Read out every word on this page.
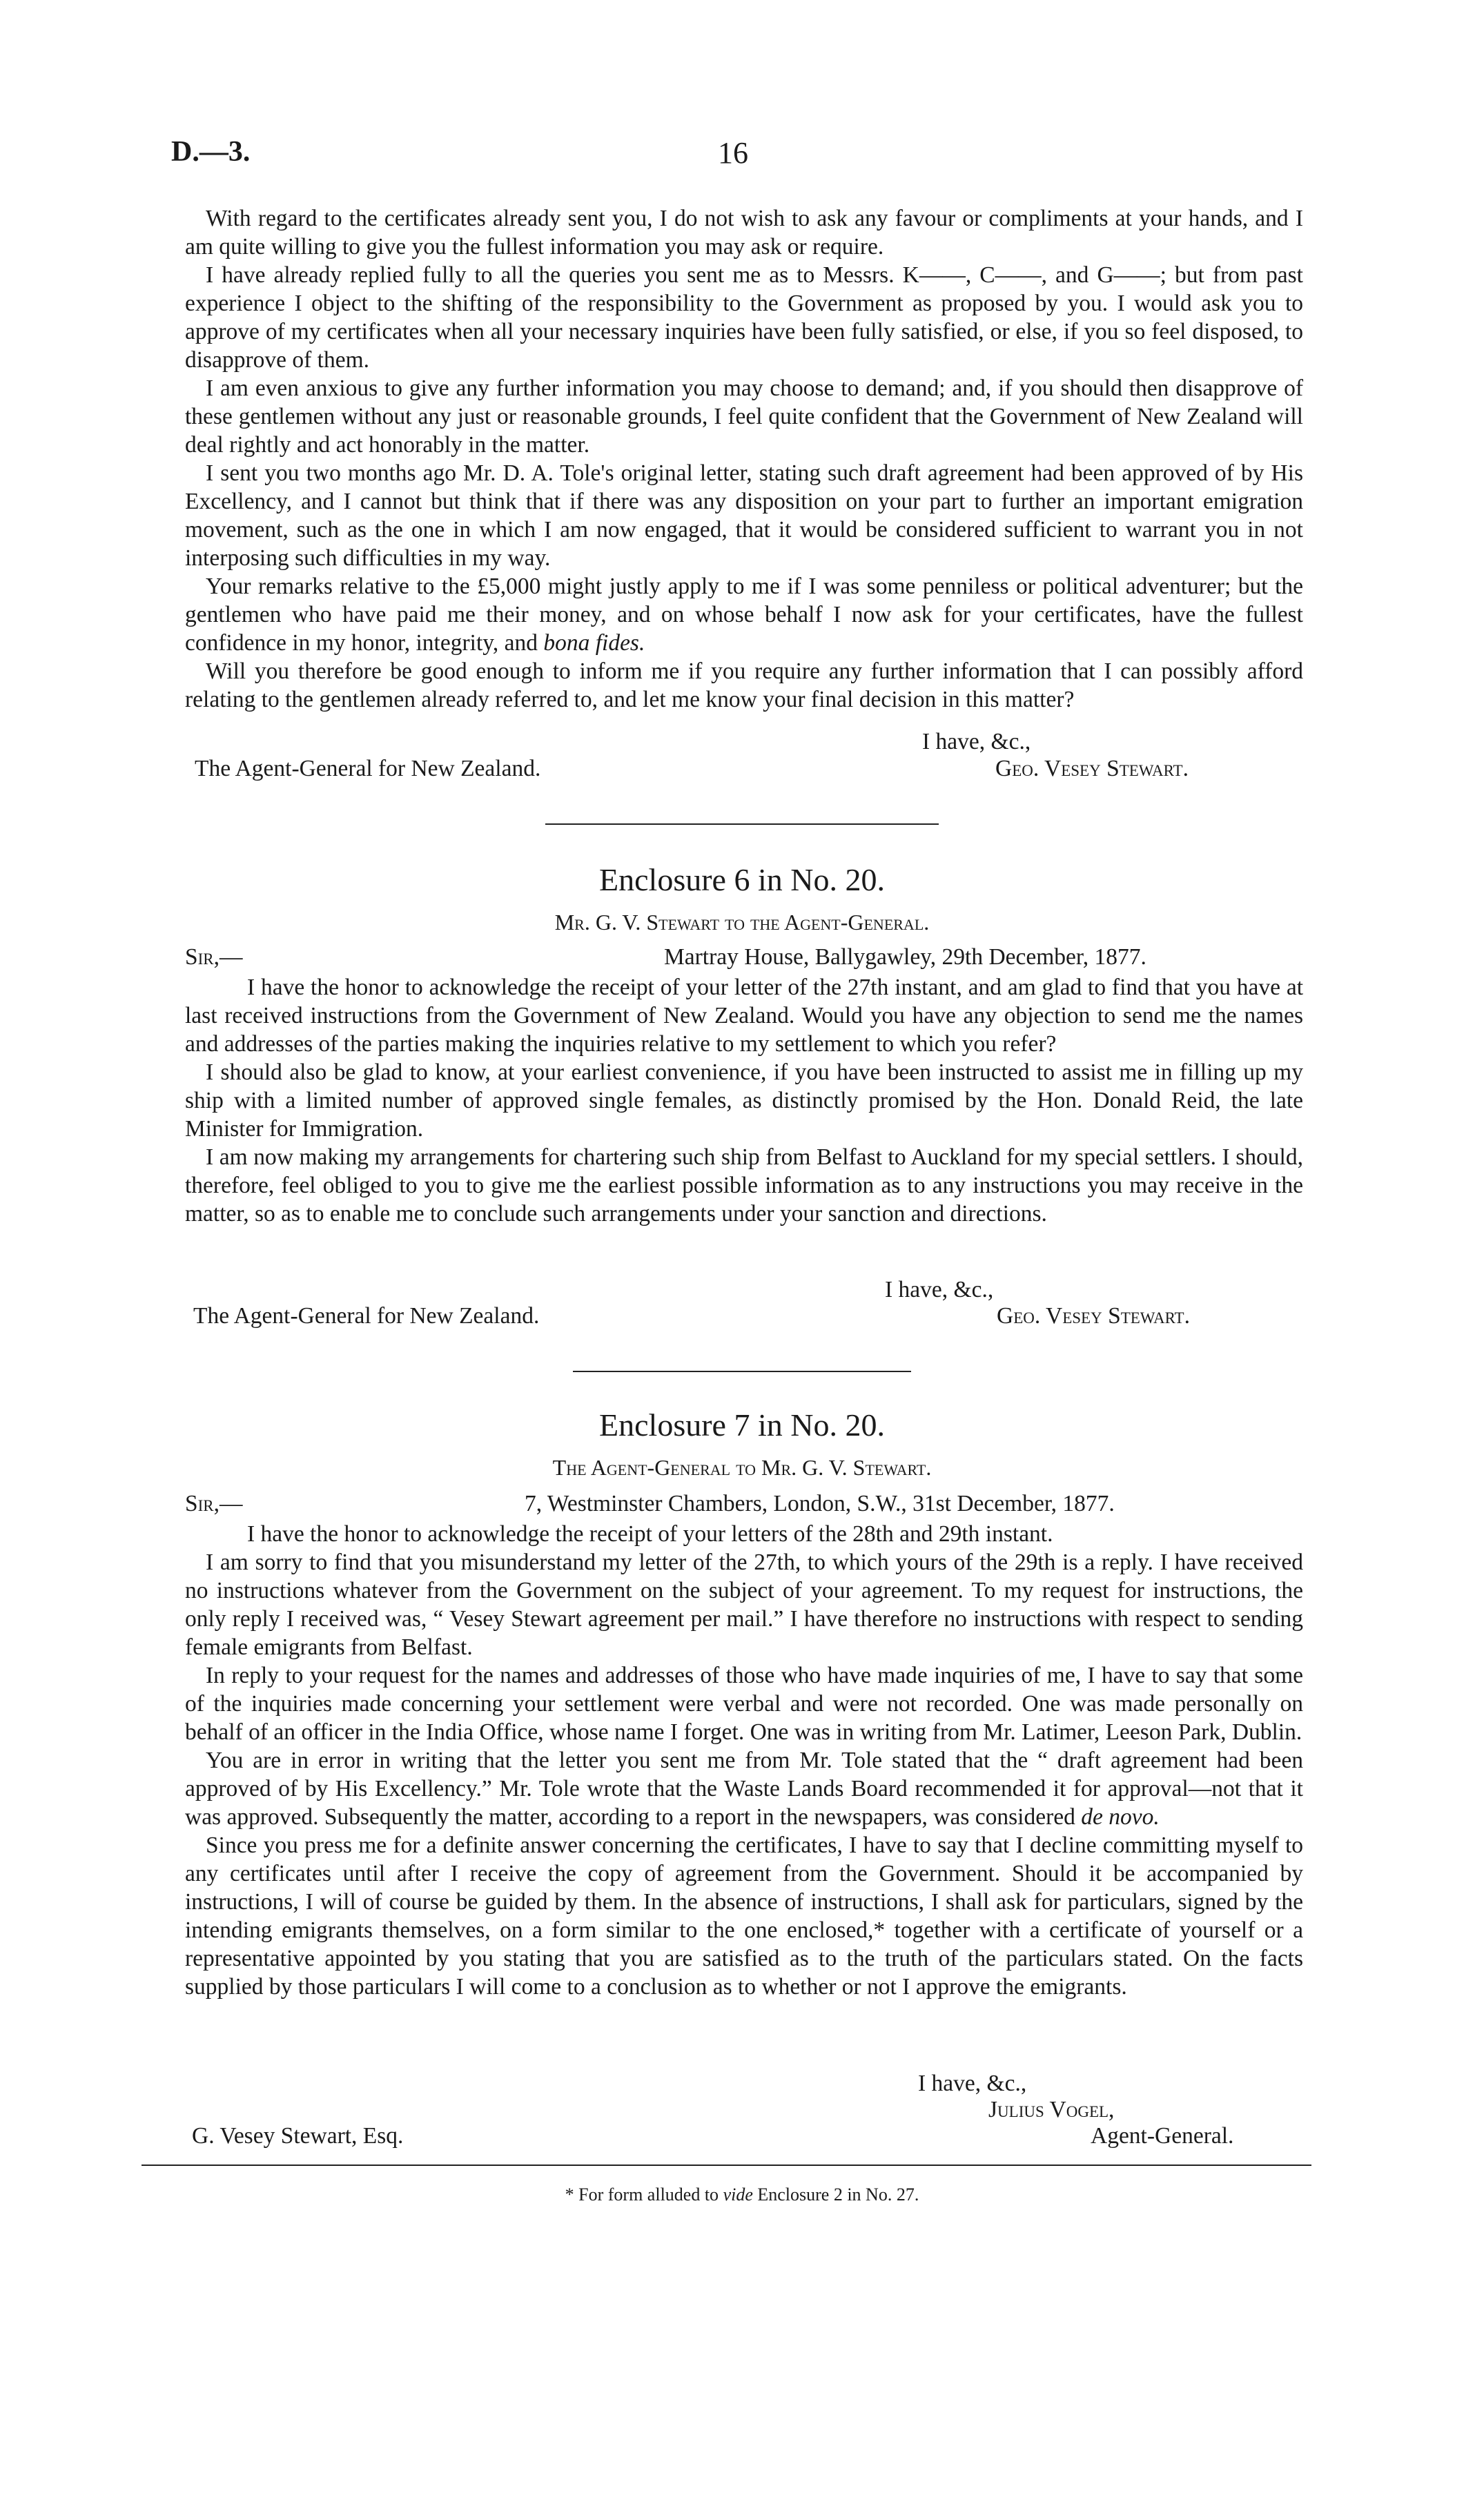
D.—3.	16

With regard to the certificates already sent you, I do not wish to ask any favour or compliments at your hands, and I am quite willing to give you the fullest information you may ask or require.

I have already replied fully to all the queries you sent me as to Messrs. K——, C——, and G——; but from past experience I object to the shifting of the responsibility to the Government as proposed by you. I would ask you to approve of my certificates when all your necessary inquiries have been fully satisfied, or else, if you so feel disposed, to disapprove of them.

I am even anxious to give any further information you may choose to demand; and, if you should then disapprove of these gentlemen without any just or reasonable grounds, I feel quite confident that the Government of New Zealand will deal rightly and act honorably in the matter.

I sent you two months ago Mr. D. A. Tole's original letter, stating such draft agreement had been approved of by His Excellency, and I cannot but think that if there was any disposition on your part to further an important emigration movement, such as the one in which I am now engaged, that it would be considered sufficient to warrant you in not interposing such difficulties in my way.

Your remarks relative to the £5,000 might justly apply to me if I was some penniless or political adventurer; but the gentlemen who have paid me their money, and on whose behalf I now ask for your certificates, have the fullest confidence in my honor, integrity, and bona fides.

Will you therefore be good enough to inform me if you require any further information that I can possibly afford relating to the gentlemen already referred to, and let me know your final decision in this matter?

I have, &c.,
The Agent-General for New Zealand.	Geo. Vesey Stewart.
Enclosure 6 in No. 20.
Mr. G. V. Stewart to the Agent-General.
Sir,—	Martray House, Ballygawley, 29th December, 1877.

I have the honor to acknowledge the receipt of your letter of the 27th instant, and am glad to find that you have at last received instructions from the Government of New Zealand. Would you have any objection to send me the names and addresses of the parties making the inquiries relative to my settlement to which you refer?

I should also be glad to know, at your earliest convenience, if you have been instructed to assist me in filling up my ship with a limited number of approved single females, as distinctly promised by the Hon. Donald Reid, the late Minister for Immigration.

I am now making my arrangements for chartering such ship from Belfast to Auckland for my special settlers. I should, therefore, feel obliged to you to give me the earliest possible information as to any instructions you may receive in the matter, so as to enable me to conclude such arrangements under your sanction and directions.

I have, &c.,
The Agent-General for New Zealand.	Geo. Vesey Stewart.
Enclosure 7 in No. 20.
The Agent-General to Mr. G. V. Stewart.
Sir,—	7, Westminster Chambers, London, S.W., 31st December, 1877.

I have the honor to acknowledge the receipt of your letters of the 28th and 29th instant.

I am sorry to find that you misunderstand my letter of the 27th, to which yours of the 29th is a reply. I have received no instructions whatever from the Government on the subject of your agreement. To my request for instructions, the only reply I received was, “ Vesey Stewart agreement per mail.” I have therefore no instructions with respect to sending female emigrants from Belfast.

In reply to your request for the names and addresses of those who have made inquiries of me, I have to say that some of the inquiries made concerning your settlement were verbal and were not recorded. One was made personally on behalf of an officer in the India Office, whose name I forget. One was in writing from Mr. Latimer, Leeson Park, Dublin.

You are in error in writing that the letter you sent me from Mr. Tole stated that the “ draft agreement had been approved of by His Excellency.” Mr. Tole wrote that the Waste Lands Board recommended it for approval—not that it was approved. Subsequently the matter, according to a report in the newspapers, was considered de novo.

Since you press me for a definite answer concerning the certificates, I have to say that I decline committing myself to any certificates until after I receive the copy of agreement from the Government. Should it be accompanied by instructions, I will of course be guided by them. In the absence of instructions, I shall ask for particulars, signed by the intending emigrants themselves, on a form similar to the one enclosed,* together with a certificate of yourself or a representative appointed by you stating that you are satisfied as to the truth of the particulars stated. On the facts supplied by those particulars I will come to a conclusion as to whether or not I approve the emigrants.

I have, &c.,
Julius Vogel,
G. Vesey Stewart, Esq.	Agent-General.
* For form alluded to vide Enclosure 2 in No. 27.
